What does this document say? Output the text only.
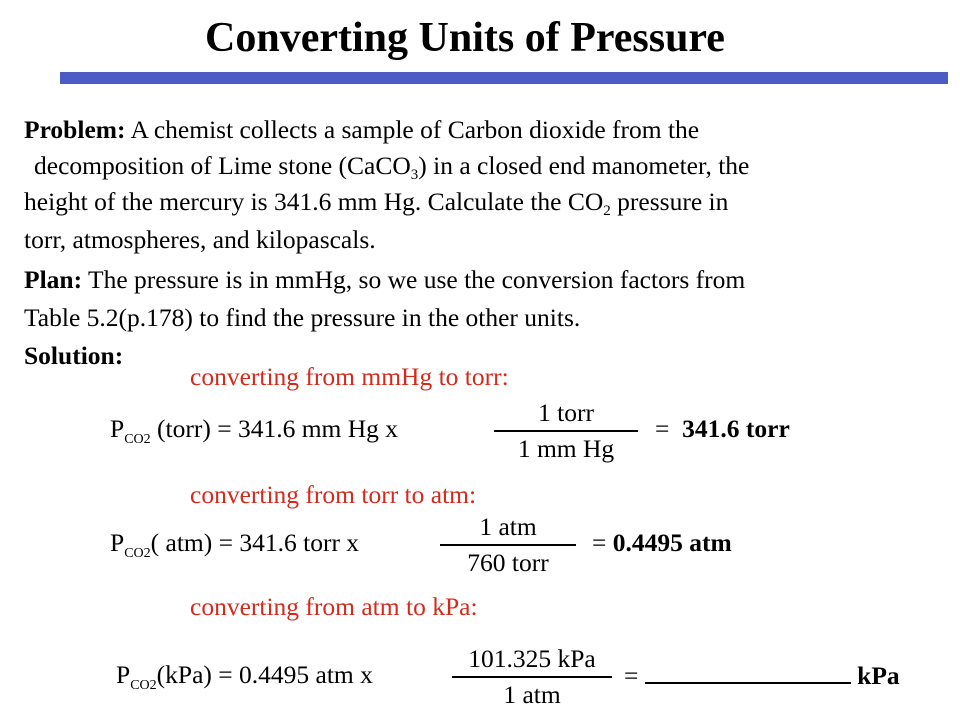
Converting Units of Pressure
Problem: A chemist collects a sample of Carbon dioxide from the
decomposition of Lime stone (CaCO$_3$) in a closed end manometer, the
height of the mercury is 341.6 mm Hg. Calculate the $CO_2$ pressure in
torr, atmospheres, and kilopascals.
Plan: The pressure is in mmHg, so we use the conversion factors from
Table 5.2(p.178) to find the pressure in the other units.
Solution:
converting from mmHg to torr:
$P_{CO2}$ (torr) = 341.6 mm Hg x
1 torr
1 mm Hg
= 341.6 torr
converting from torr to atm:
$P_{CO2}$( atm) = 341.6 torr x
1 atm
760 torr
= 0.4495 atm
converting from atm to kPa:
$P_{CO2}(kPa) = 0.4495$ atm x
101.325 kPa
1 atm
=	kPa
